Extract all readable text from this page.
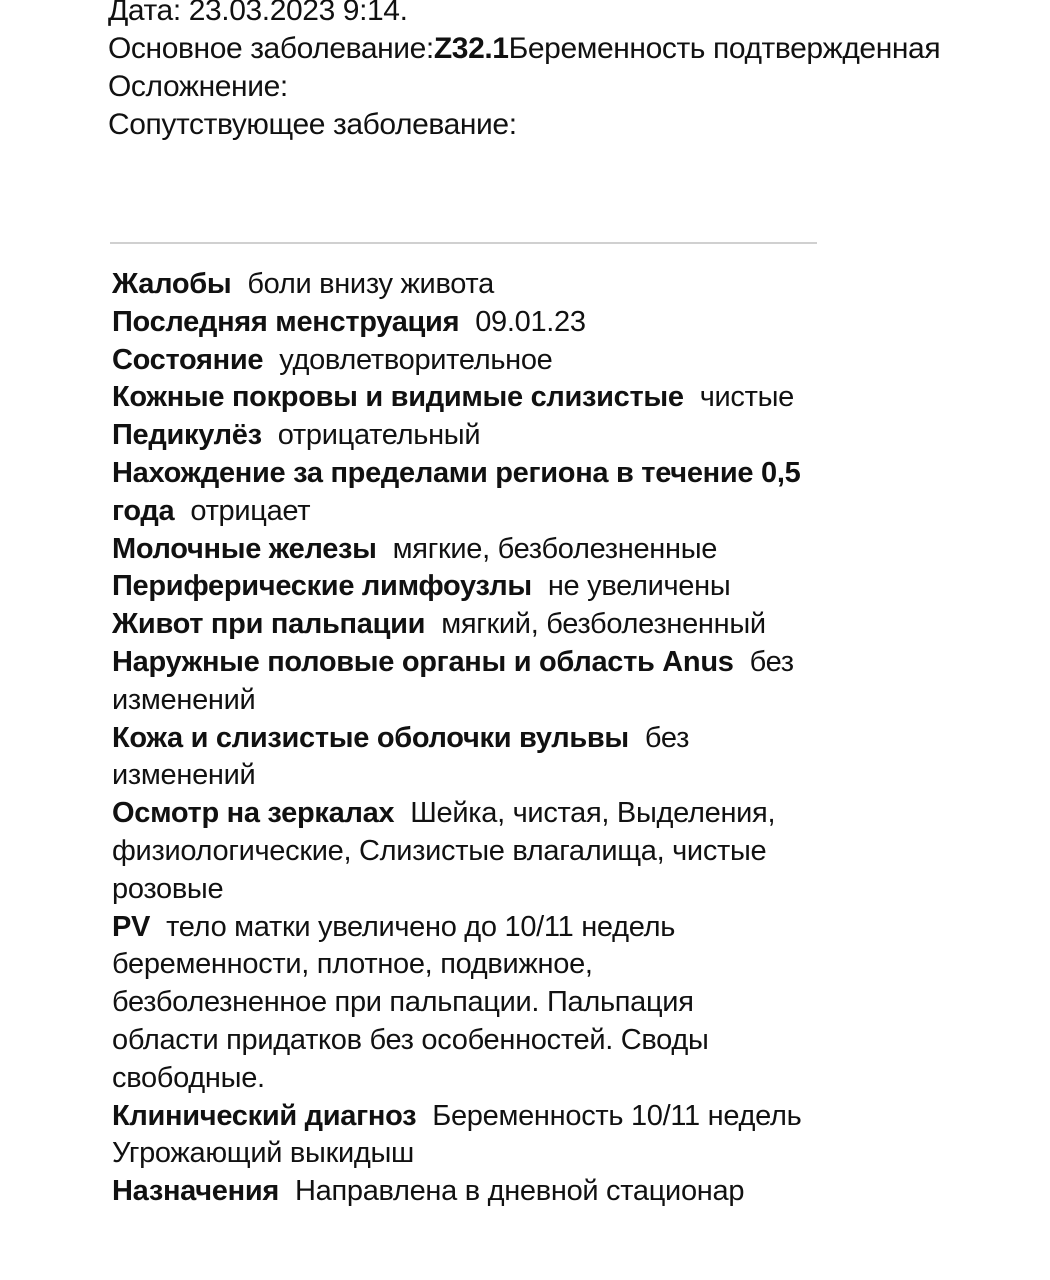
Дата: 23.03.2023 9:14.
Основное заболевание:Z32.1Беременность подтвержденная
Осложнение:
Сопутствующее заболевание:

Жалобы боли внизу живота

Последняя менструация 09.01.23

Состояние удовлетворительное

Кожные покровы и видимые слизистые чистые

Педикулёз отрицательный

Нахождение за пределами региона в течение 0,5 года отрицает

Молочные железы мягкие, безболезненные

Периферические лимфоузлы не увеличены

Живот при пальпации мягкий, безболезненный

Наружные половые органы и область Anus без изменений

Кожа и слизистые оболочки вульвы без изменений

Осмотр на зеркалах Шейка, чистая, Выделения, физиологические, Слизистые влагалища, чистые розовые

PV тело матки увеличено до 10/11 недель беременности, плотное, подвижное, безболезненное при пальпации. Пальпация области придатков без особенностей. Своды свободные.

Клинический диагноз Беременность 10/11 недель Угрожающий выкидыш

Назначения Направлена в дневной стационар
